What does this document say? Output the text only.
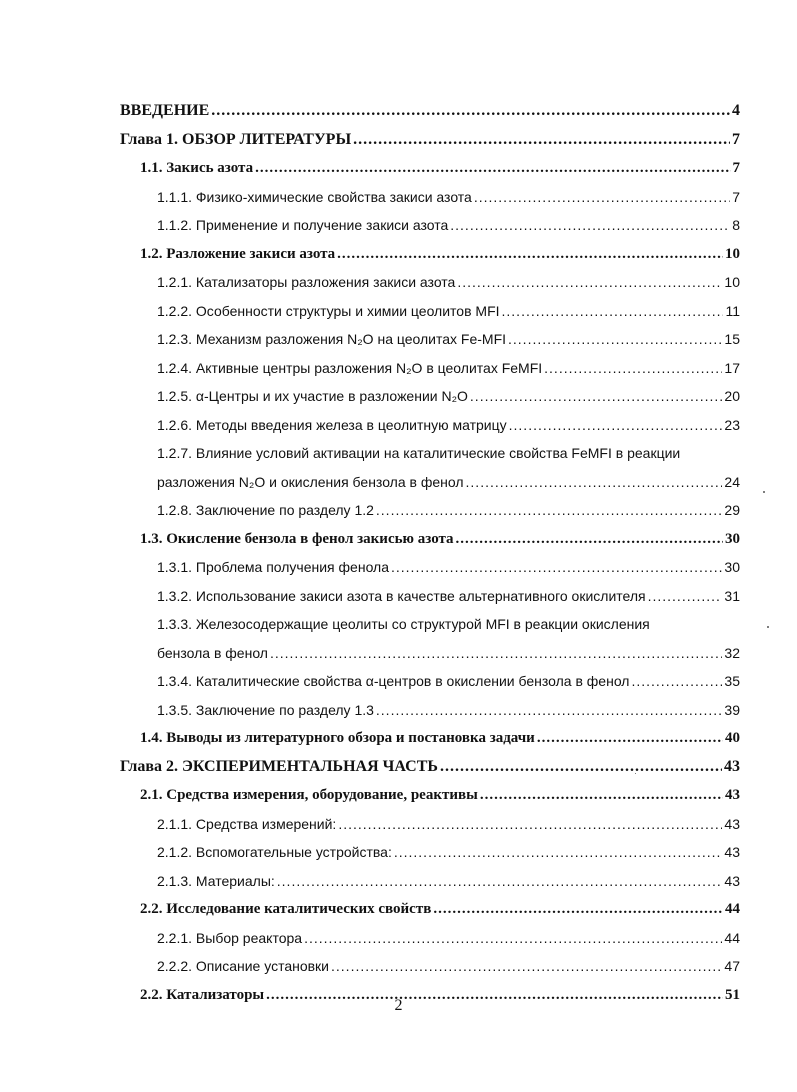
ВВЕДЕНИЕ .....	4
Глава 1. ОБЗОР ЛИТЕРАТУРЫ .....	7
1.1. Закись азота .....	7
1.1.1. Физико-химические свойства закиси азота .....	7
1.1.2. Применение и получение закиси азота .....	8
1.2. Разложение закиси азота .....	10
1.2.1. Катализаторы разложения закиси азота .....	10
1.2.2. Особенности структуры и химии цеолитов MFI .....	11
1.2.3. Механизм разложения N₂O на цеолитах Fe-MFI .....	15
1.2.4. Активные центры разложения N₂O в цеолитах FeMFI .....	17
1.2.5. α-Центры и их участие в разложении N₂O .....	20
1.2.6. Методы введения железа в цеолитную матрицу .....	23
1.2.7. Влияние условий активации на каталитические свойства FeMFI в реакции
разложения N₂O и окисления бензола в фенол .....	24
1.2.8. Заключение по разделу 1.2 .....	29
1.3. Окисление бензола в фенол закисью азота .....	30
1.3.1. Проблема получения фенола .....	30
1.3.2. Использование закиси азота в качестве альтернативного окислителя .....	31
1.3.3. Железосодержащие цеолиты со структурой MFI в реакции окисления
бензола в фенол .....	32
1.3.4. Каталитические свойства α-центров в окислении бензола в фенол .....	35
1.3.5. Заключение по разделу 1.3 .....	39
1.4. Выводы из литературного обзора и постановка задачи .....	40
Глава 2. ЭКСПЕРИМЕНТАЛЬНАЯ ЧАСТЬ .....	43
2.1. Средства измерения, оборудование, реактивы .....	43
2.1.1. Средства измерений: .....	43
2.1.2. Вспомогательные устройства: .....	43
2.1.3. Материалы: .....	43
2.2. Исследование каталитических свойств .....	44
2.2.1. Выбор реактора .....	44
2.2.2. Описание установки .....	47
2.2. Катализаторы .....	51
2
